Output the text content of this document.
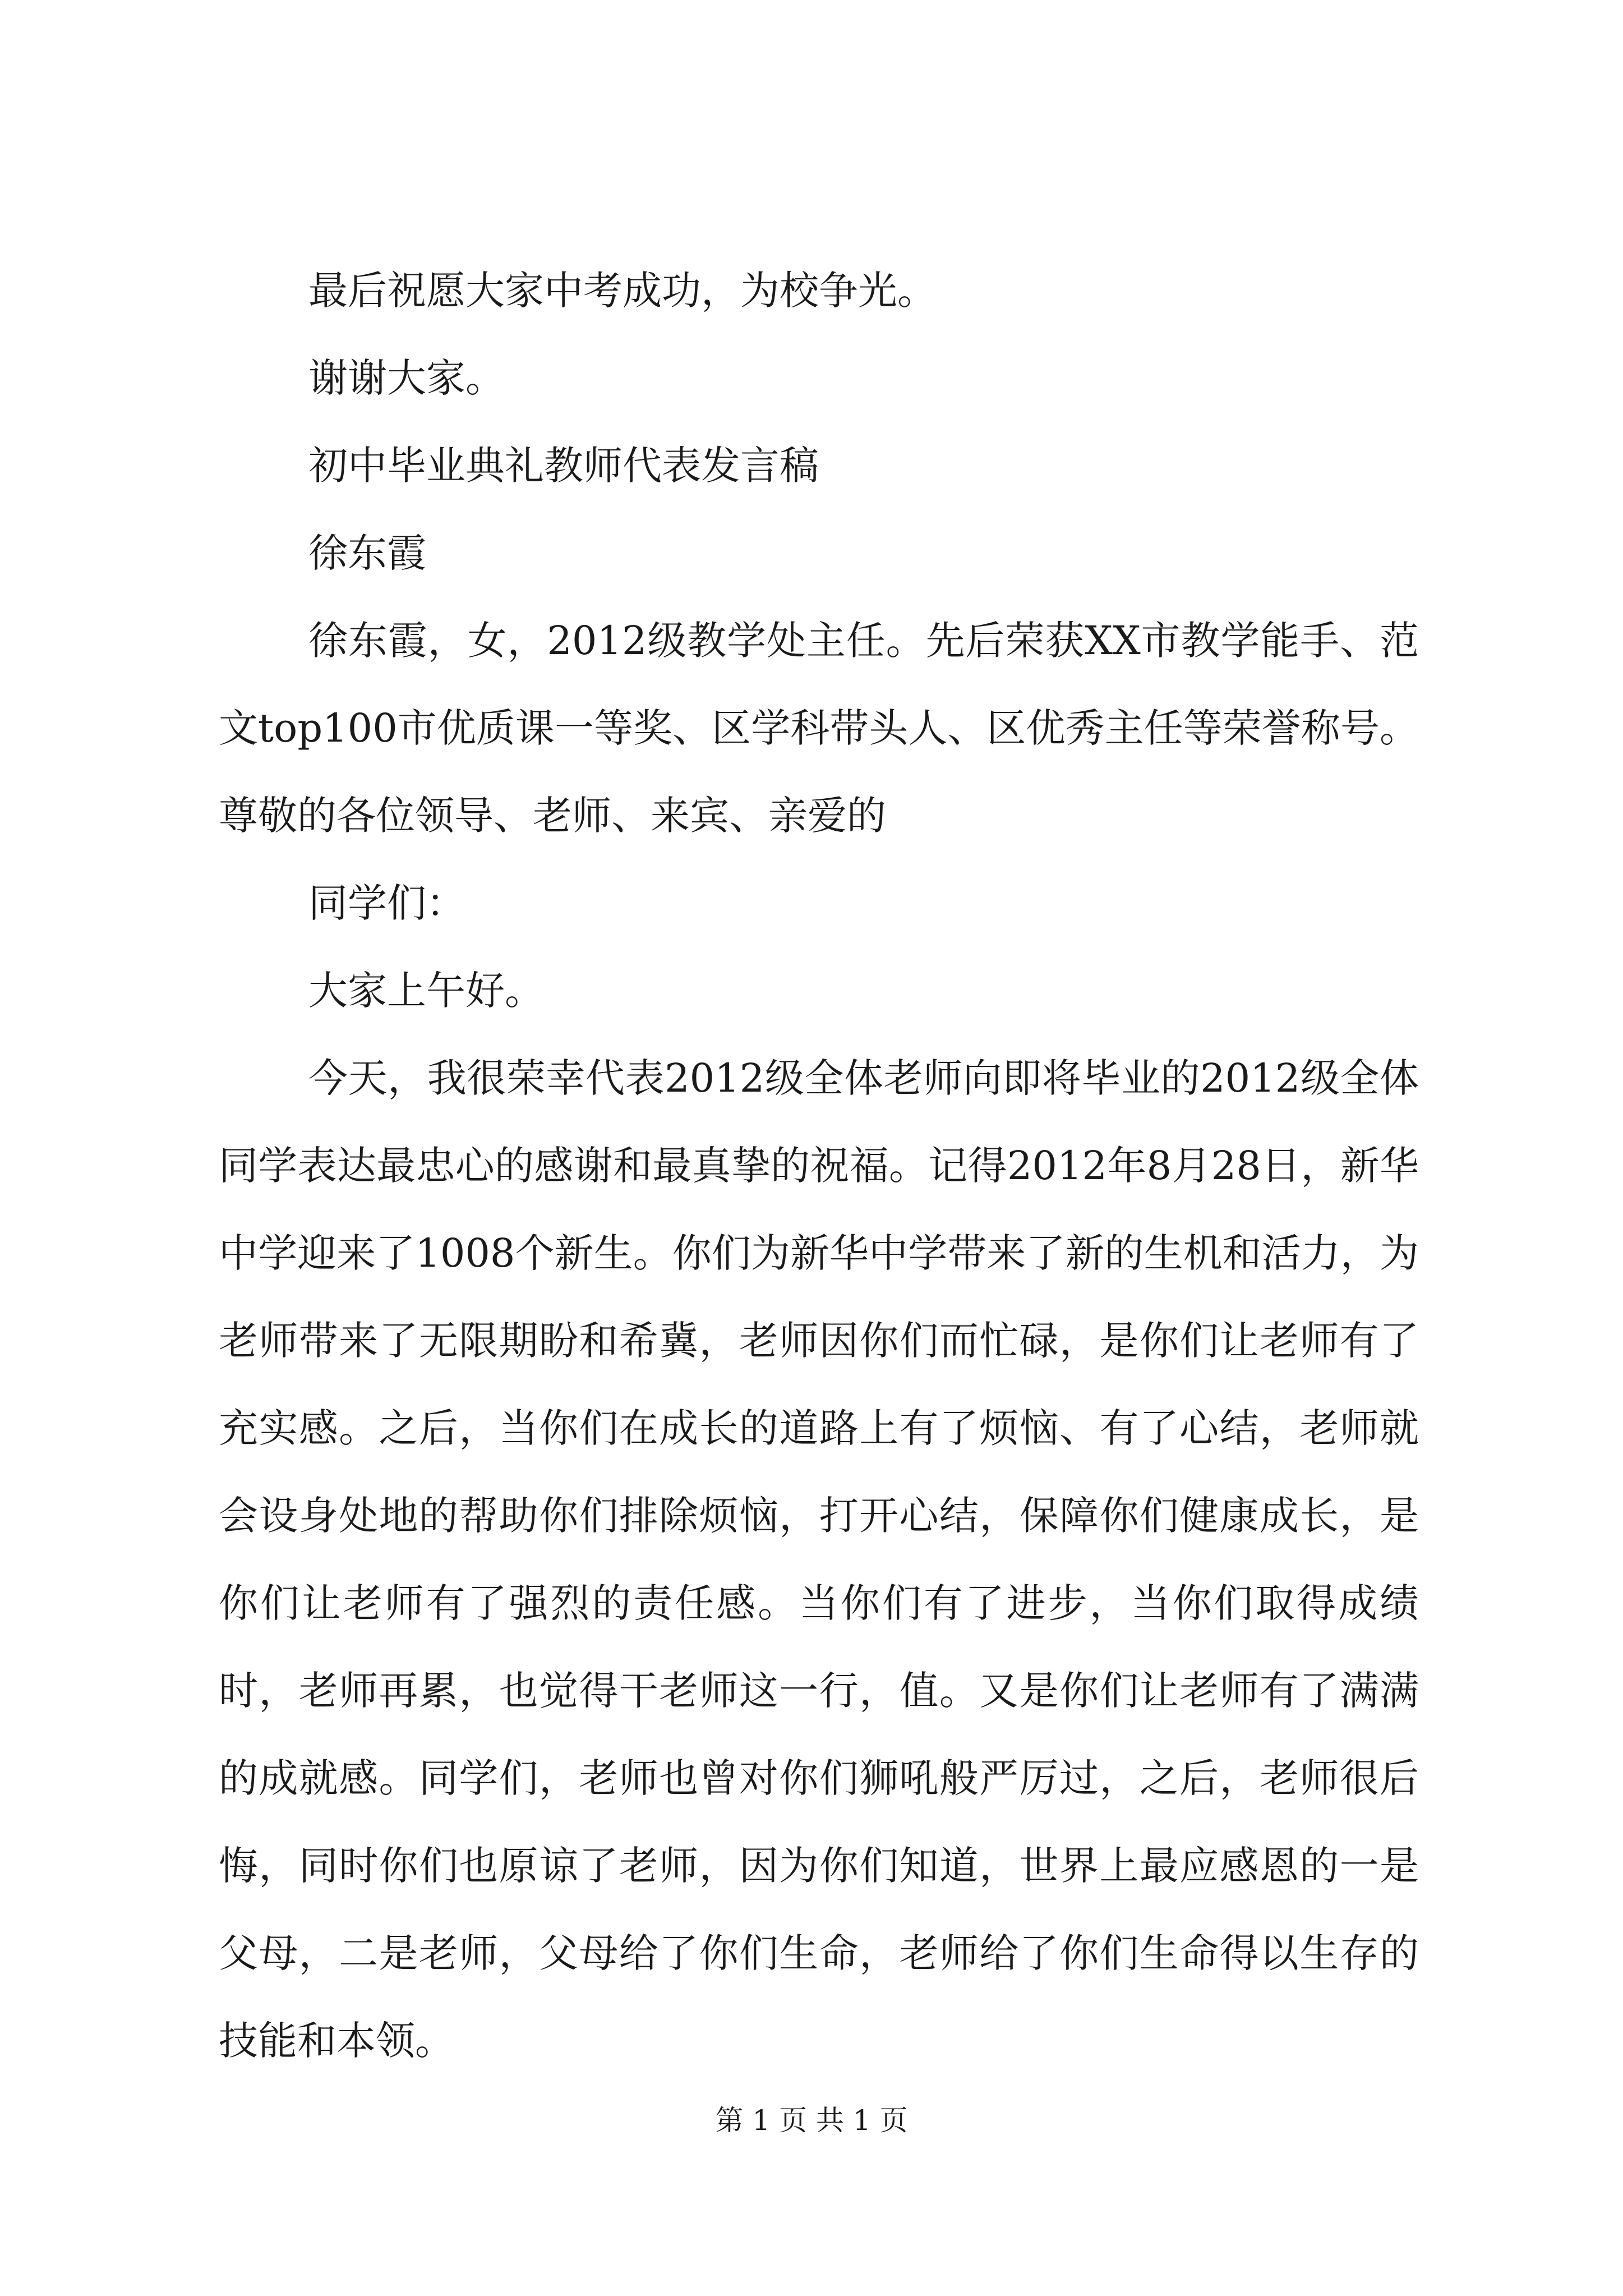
最后祝愿大家中考成功，为校争光。

谢谢大家。

初中毕业典礼教师代表发言稿

徐东霞

徐东霞，女，2012级教学处主任。先后荣获XX市教学能手、范文top100市优质课一等奖、区学科带头人、区优秀主任等荣誉称号。尊敬的各位领导、老师、来宾、亲爱的

同学们：

大家上午好。

今天，我很荣幸代表2012级全体老师向即将毕业的2012级全体同学表达最忠心的感谢和最真挚的祝福。记得2012年8月28日，新华中学迎来了1008个新生。你们为新华中学带来了新的生机和活力，为老师带来了无限期盼和希冀，老师因你们而忙碌，是你们让老师有了充实感。之后，当你们在成长的道路上有了烦恼、有了心结，老师就会设身处地的帮助你们排除烦恼，打开心结，保障你们健康成长，是你们让老师有了强烈的责任感。当你们有了进步，当你们取得成绩时，老师再累，也觉得干老师这一行，值。又是你们让老师有了满满的成就感。同学们，老师也曾对你们狮吼般严厉过，之后，老师很后悔，同时你们也原谅了老师，因为你们知道，世界上最应感恩的一是父母，二是老师，父母给了你们生命，老师给了你们生命得以生存的技能和本领。

第 1 页 共 1 页
